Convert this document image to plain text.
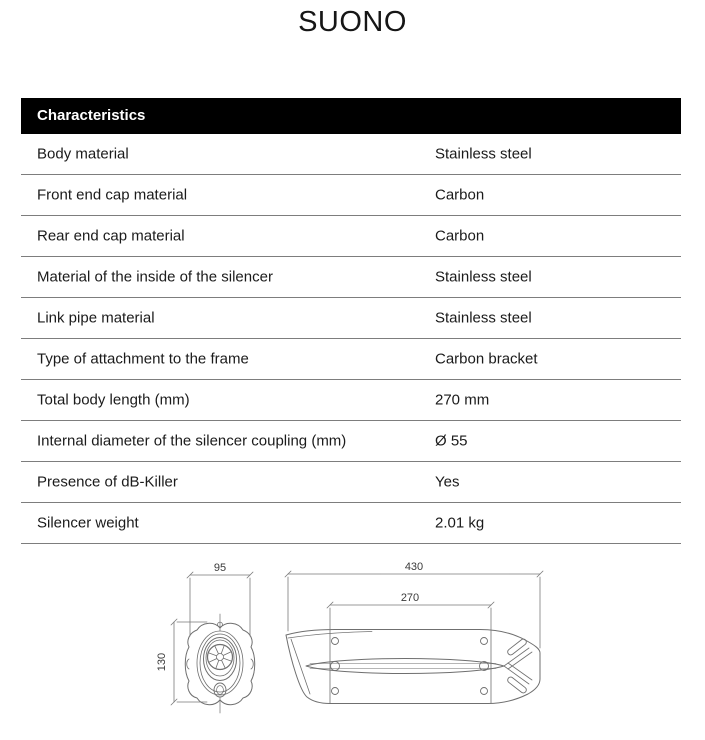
SUONO
Characteristics
Body material	Stainless steel
Front end cap material	Carbon
Rear end cap material	Carbon
Material of the inside of the silencer	Stainless steel
Link pipe material	Stainless steel
Type of attachment to the frame	Carbon bracket
Total body length (mm)	270 mm
Internal diameter of the silencer coupling (mm)	Ø 55
Presence of dB-Killer	Yes
Silencer weight	2.01 kg
95
130
430
270
